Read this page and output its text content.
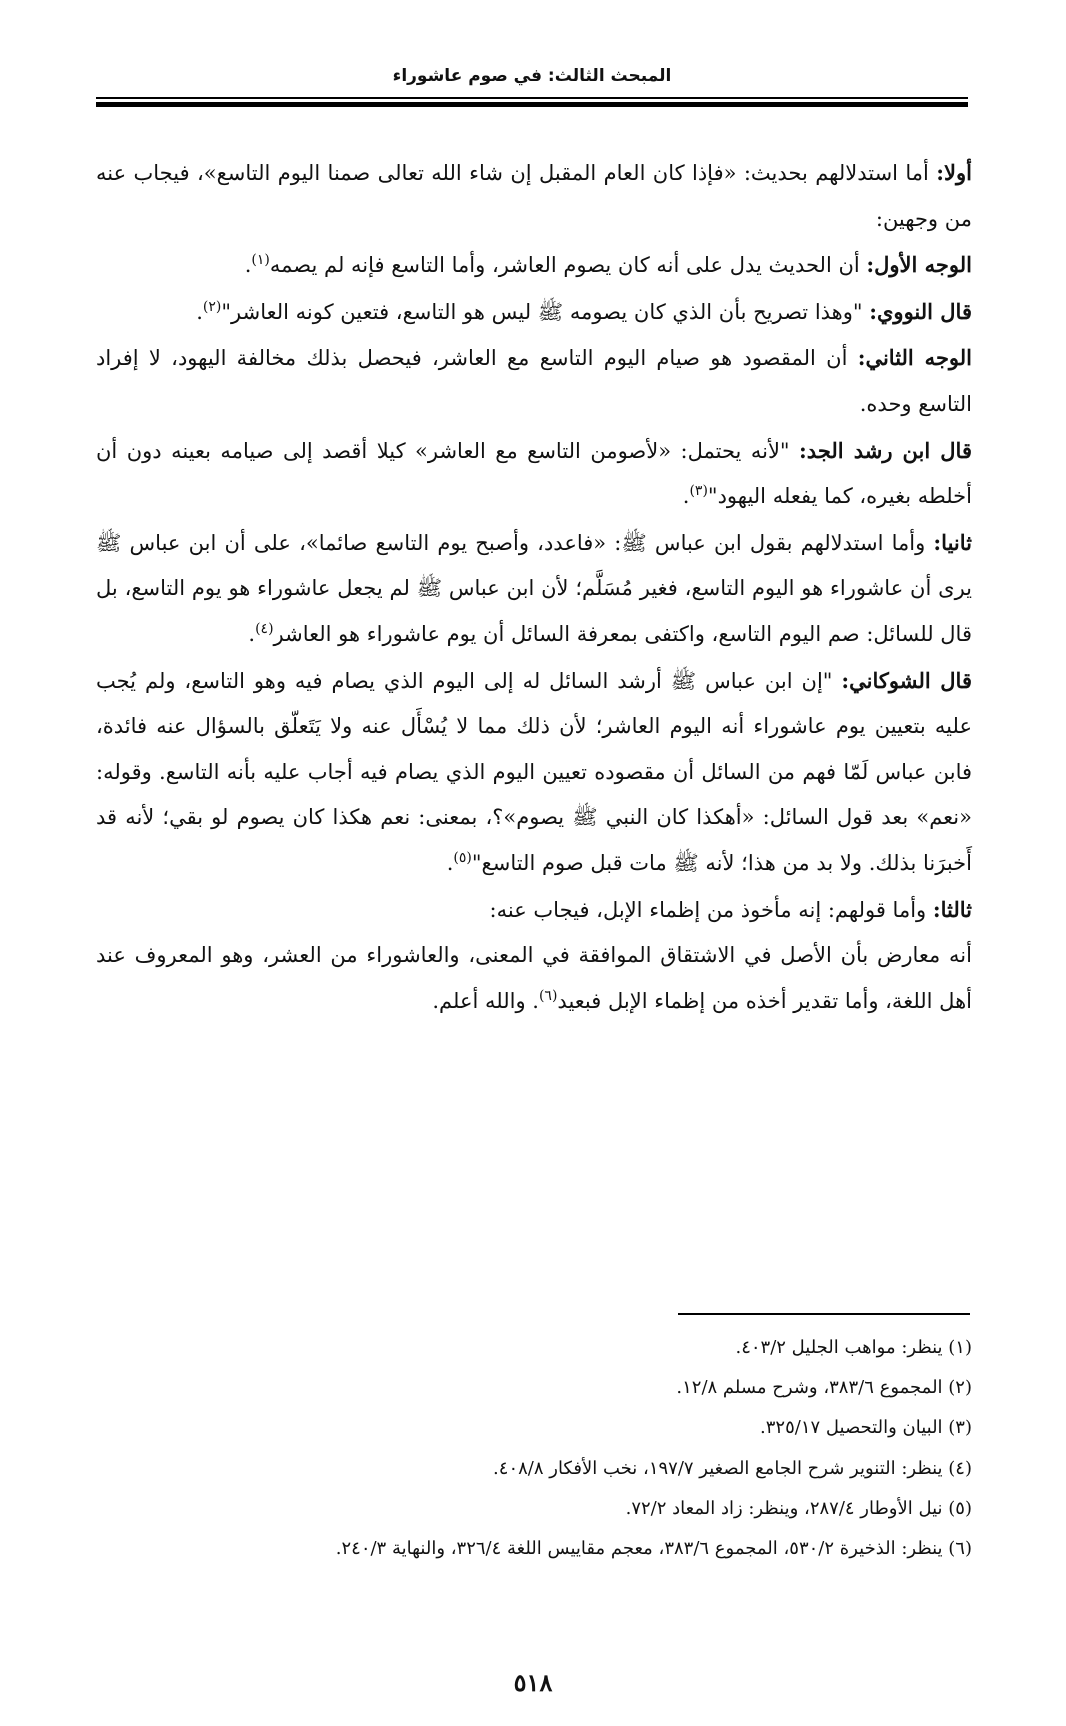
المبحث الثالث: في صوم عاشوراء

أولا: أما استدلالهم بحديث: «فإذا كان العام المقبل إن شاء الله تعالى صمنا اليوم التاسع»، فيجاب عنه من وجهين:

الوجه الأول: أن الحديث يدل على أنه كان يصوم العاشر، وأما التاسع فإنه لم يصمه$^{(١)}$.

قال النووي: "وهذا تصريح بأن الذي كان يصومه ﷺ ليس هو التاسع، فتعين كونه العاشر"$^{(٢)}$.

الوجه الثاني: أن المقصود هو صيام اليوم التاسع مع العاشر، فيحصل بذلك مخالفة اليهود، لا إفراد التاسع وحده.

قال ابن رشد الجد: "لأنه يحتمل: «لأصومن التاسع مع العاشر» كيلا أقصد إلى صيامه بعينه دون أن أخلطه بغيره، كما يفعله اليهود"$^{(٣)}$.

ثانيا: وأما استدلالهم بقول ابن عباس ﷺ: «فاعدد، وأصبح يوم التاسع صائما»، على أن ابن عباس ﷺ يرى أن عاشوراء هو اليوم التاسع، فغير مُسَلَّم؛ لأن ابن عباس ﷺ لم يجعل عاشوراء هو يوم التاسع، بل قال للسائل: صم اليوم التاسع، واكتفى بمعرفة السائل أن يوم عاشوراء هو العاشر$^{(٤)}$.

قال الشوكاني: "إن ابن عباس ﷺ أرشد السائل له إلى اليوم الذي يصام فيه وهو التاسع، ولم يُجب عليه بتعيين يوم عاشوراء أنه اليوم العاشر؛ لأن ذلك مما لا يُسْأَل عنه ولا يَتَعلّق بالسؤال عنه فائدة، فابن عباس لَمّا فهم من السائل أن مقصوده تعيين اليوم الذي يصام فيه أجاب عليه بأنه التاسع. وقوله: «نعم» بعد قول السائل: «أهكذا كان النبي ﷺ يصوم»؟، بمعنى: نعم هكذا كان يصوم لو بقي؛ لأنه قد أَخبرَنا بذلك. ولا بد من هذا؛ لأنه ﷺ مات قبل صوم التاسع"$^{(٥)}$.

ثالثا: وأما قولهم: إنه مأخوذ من إظماء الإبل، فيجاب عنه:

أنه معارض بأن الأصل في الاشتقاق الموافقة في المعنى، والعاشوراء من العشر، وهو المعروف عند أهل اللغة، وأما تقدير أخذه من إظماء الإبل فبعيد$^{(٦)}$. والله أعلم.

(١) ينظر: مواهب الجليل ٤٠٣/٢.
(٢) المجموع ٣٨٣/٦، وشرح مسلم ١٢/٨.
(٣) البيان والتحصيل ٣٢٥/١٧.
(٤) ينظر: التنوير شرح الجامع الصغير ١٩٧/٧، نخب الأفكار ٤٠٨/٨.
(٥) نيل الأوطار ٢٨٧/٤، وينظر: زاد المعاد ٧٢/٢.
(٦) ينظر: الذخيرة ٥٣٠/٢، المجموع ٣٨٣/٦، معجم مقاييس اللغة ٣٢٦/٤، والنهاية ٢٤٠/٣.
٥١٨
